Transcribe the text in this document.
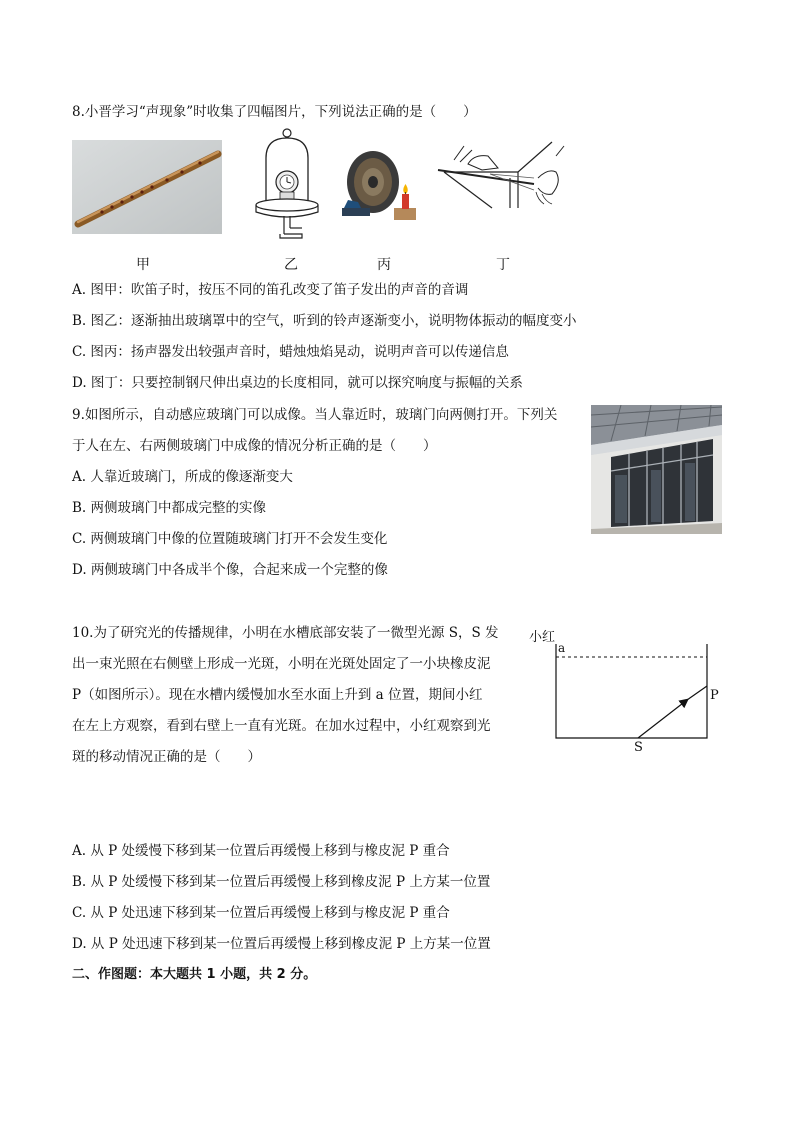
8.小晋学习“声现象”时收集了四幅图片，下列说法正确的是（　　）
甲	乙	丙	丁
A. 图甲：吹笛子时，按压不同的笛孔改变了笛子发出的声音的音调
B. 图乙：逐渐抽出玻璃罩中的空气，听到的铃声逐渐变小，说明物体振动的幅度变小
C. 图丙：扬声器发出较强声音时，蜡烛烛焰晃动，说明声音可以传递信息
D. 图丁：只要控制钢尺伸出桌边的长度相同，就可以探究响度与振幅的关系
9.如图所示，自动感应玻璃门可以成像。当人靠近时，玻璃门向两侧打开。下列关
于人在左、右两侧玻璃门中成像的情况分析正确的是（　　）
A. 人靠近玻璃门，所成的像逐渐变大
B. 两侧玻璃门中都成完整的实像
C. 两侧玻璃门中像的位置随玻璃门打开不会发生变化
D. 两侧玻璃门中各成半个像，合起来成一个完整的像
10.为了研究光的传播规律，小明在水槽底部安装了一微型光源 S，S 发
出一束光照在右侧壁上形成一光斑，小明在光斑处固定了一小块橡皮泥
P（如图所示）。现在水槽内缓慢加水至水面上升到 a 位置，期间小红
在左上方观察，看到右壁上一直有光斑。在加水过程中，小红观察到光
斑的移动情况正确的是（　　）
小红
a
P
S
A. 从 P 处缓慢下移到某一位置后再缓慢上移到与橡皮泥 P 重合
B. 从 P 处缓慢下移到某一位置后再缓慢上移到橡皮泥 P 上方某一位置
C. 从 P 处迅速下移到某一位置后再缓慢上移到与橡皮泥 P 重合
D. 从 P 处迅速下移到某一位置后再缓慢上移到橡皮泥 P 上方某一位置
二、作图题：本大题共 1 小题，共 2 分。
